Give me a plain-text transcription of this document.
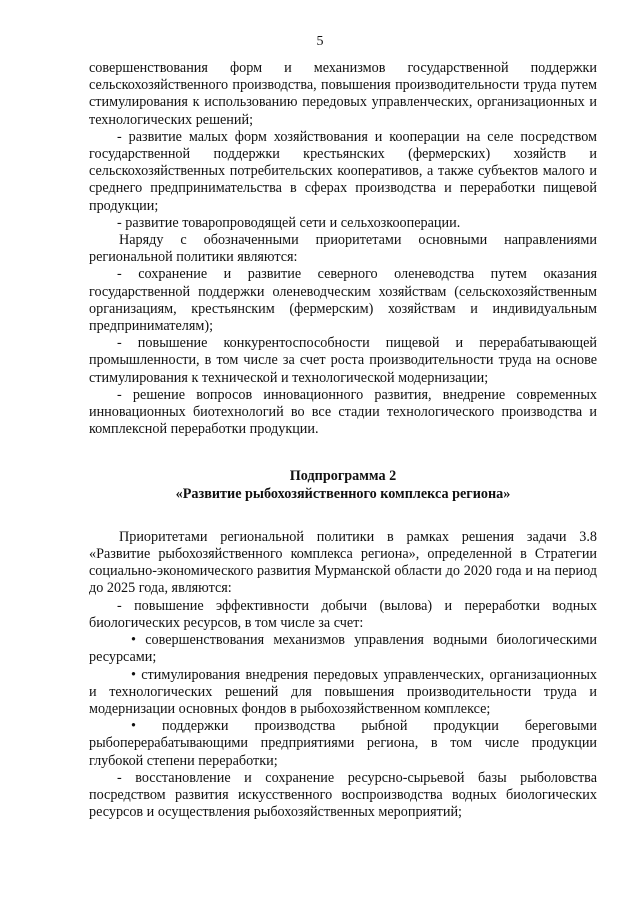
5

совершенствования форм и механизмов государственной поддержки сельскохозяйственного производства, повышения производительности труда путем стимулирования к использованию передовых управленческих, организационных и технологических решений;

- развитие малых форм хозяйствования и кооперации на селе посредством государственной поддержки крестьянских (фермерских) хозяйств и сельскохозяйственных потребительских кооперативов, а также субъектов малого и среднего предпринимательства в сферах производства и переработки пищевой продукции;

- развитие товаропроводящей сети и сельхозкооперации.

Наряду с обозначенными приоритетами основными направлениями региональной политики являются:

- сохранение и развитие северного оленеводства путем оказания государственной поддержки оленеводческим хозяйствам (сельскохозяйственным организациям, крестьянским (фермерским) хозяйствам и индивидуальным предпринимателям);

- повышение конкурентоспособности пищевой и перерабатывающей промышленности, в том числе за счет роста производительности труда на основе стимулирования к технической и технологической модернизации;

- решение вопросов инновационного развития, внедрение современных инновационных биотехнологий во все стадии технологического производства и комплексной переработки продукции.

Подпрограмма 2

«Развитие рыбохозяйственного комплекса региона»

Приоритетами региональной политики в рамках решения задачи 3.8 «Развитие рыбохозяйственного комплекса региона», определенной в Стратегии социально-экономического развития Мурманской области до 2020 года и на период до 2025 года, являются:

- повышение эффективности добычи (вылова) и переработки водных биологических ресурсов, в том числе за счет:

• совершенствования механизмов управления водными биологическими ресурсами;

• стимулирования внедрения передовых управленческих, организационных и технологических решений для повышения производительности труда и модернизации основных фондов в рыбохозяйственном комплексе;

• поддержки производства рыбной продукции береговыми рыбоперерабатывающими предприятиями региона, в том числе продукции глубокой степени переработки;

- восстановление и сохранение ресурсно-сырьевой базы рыболовства посредством развития искусственного воспроизводства водных биологических ресурсов и осуществления рыбохозяйственных мероприятий;
